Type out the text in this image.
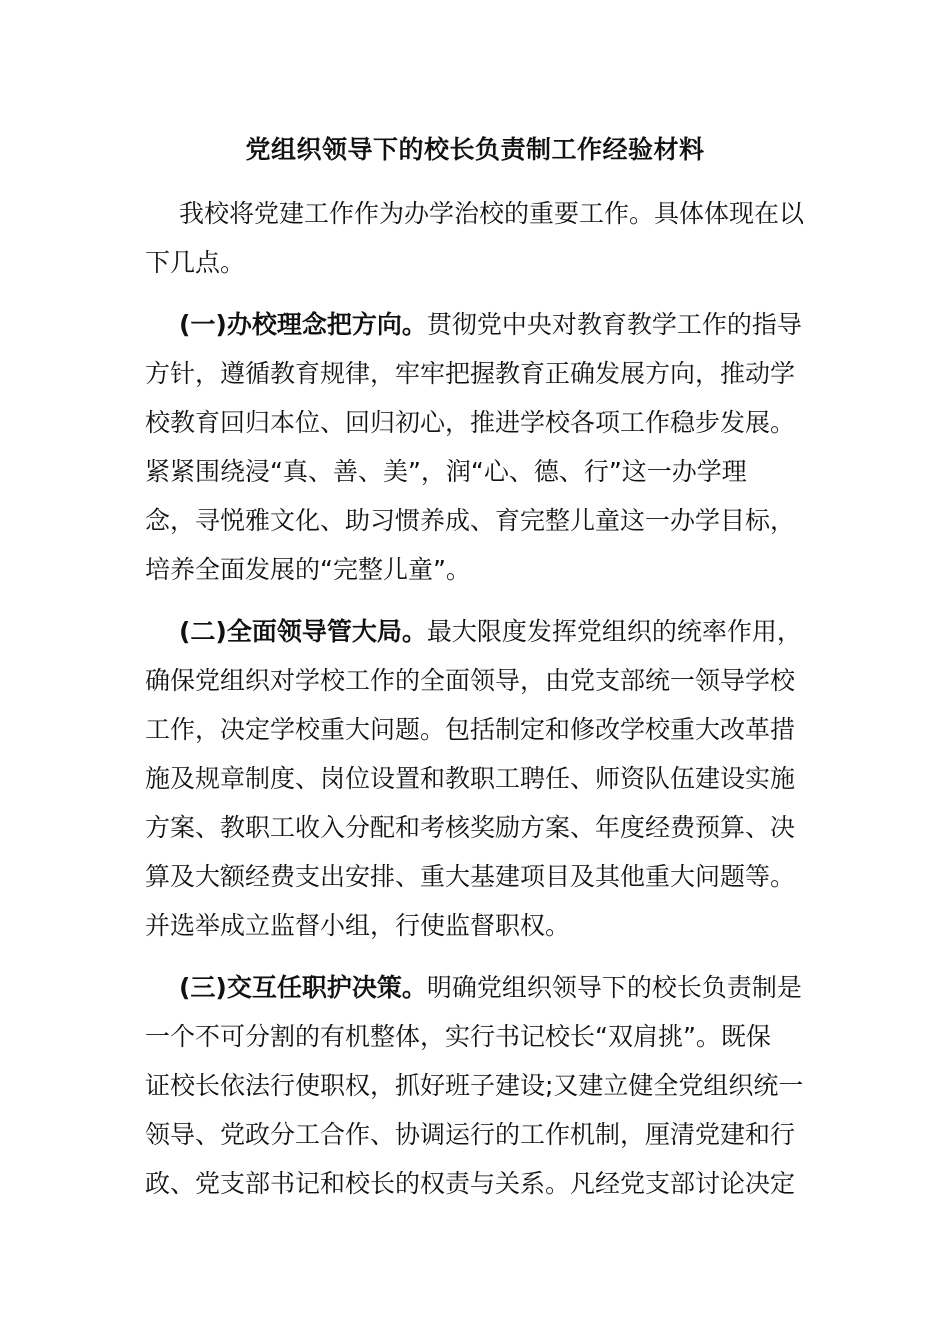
党组织领导下的校长负责制工作经验材料

我校将党建工作作为办学治校的重要工作。具体体现在以
下几点。

(一)办校理念把方向。贯彻党中央对教育教学工作的指导
方针，遵循教育规律，牢牢把握教育正确发展方向，推动学
校教育回归本位、回归初心，推进学校各项工作稳步发展。
紧紧围绕浸“真、善、美”，润“心、德、行”这一办学理
念，寻悦雅文化、助习惯养成、育完整儿童这一办学目标，
培养全面发展的“完整儿童”。

(二)全面领导管大局。最大限度发挥党组织的统率作用，
确保党组织对学校工作的全面领导，由党支部统一领导学校
工作，决定学校重大问题。包括制定和修改学校重大改革措
施及规章制度、岗位设置和教职工聘任、师资队伍建设实施
方案、教职工收入分配和考核奖励方案、年度经费预算、决
算及大额经费支出安排、重大基建项目及其他重大问题等。
并选举成立监督小组，行使监督职权。

(三)交互任职护决策。明确党组织领导下的校长负责制是
一个不可分割的有机整体，实行书记校长“双肩挑”。既保
证校长依法行使职权，抓好班子建设;又建立健全党组织统一
领导、党政分工合作、协调运行的工作机制，厘清党建和行
政、党支部书记和校长的权责与关系。凡经党支部讨论决定
